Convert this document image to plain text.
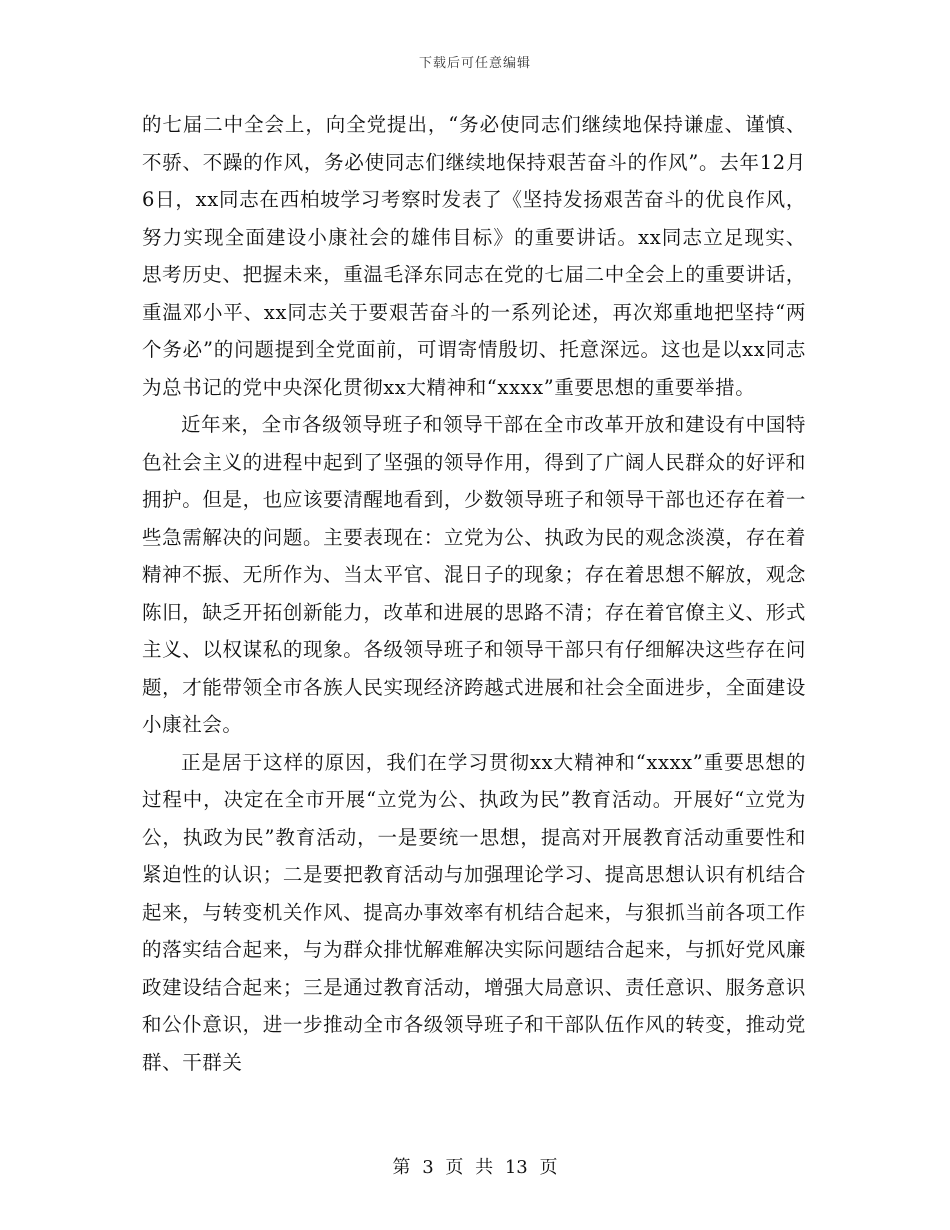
下载后可任意编辑

的七届二中全会上，向全党提出，“务必使同志们继续地保持谦虚、谨慎、不骄、不躁的作风，务必使同志们继续地保持艰苦奋斗的作风”。去年12月6日，xx同志在西柏坡学习考察时发表了《坚持发扬艰苦奋斗的优良作风，努力实现全面建设小康社会的雄伟目标》的重要讲话。xx同志立足现实、思考历史、把握未来，重温毛泽东同志在党的七届二中全会上的重要讲话，重温邓小平、xx同志关于要艰苦奋斗的一系列论述，再次郑重地把坚持“两个务必”的问题提到全党面前，可谓寄情殷切、托意深远。这也是以xx同志为总书记的党中央深化贯彻xx大精神和“xxxx”重要思想的重要举措。

近年来，全市各级领导班子和领导干部在全市改革开放和建设有中国特色社会主义的进程中起到了坚强的领导作用，得到了广阔人民群众的好评和拥护。但是，也应该要清醒地看到，少数领导班子和领导干部也还存在着一些急需解决的问题。主要表现在：立党为公、执政为民的观念淡漠，存在着精神不振、无所作为、当太平官、混日子的现象；存在着思想不解放，观念陈旧，缺乏开拓创新能力，改革和进展的思路不清；存在着官僚主义、形式主义、以权谋私的现象。各级领导班子和领导干部只有仔细解决这些存在问题，才能带领全市各族人民实现经济跨越式进展和社会全面进步，全面建设小康社会。

正是居于这样的原因，我们在学习贯彻xx大精神和“xxxx”重要思想的过程中，决定在全市开展“立党为公、执政为民”教育活动。开展好“立党为公，执政为民”教育活动，一是要统一思想，提高对开展教育活动重要性和紧迫性的认识；二是要把教育活动与加强理论学习、提高思想认识有机结合起来，与转变机关作风、提高办事效率有机结合起来，与狠抓当前各项工作的落实结合起来，与为群众排忧解难解决实际问题结合起来，与抓好党风廉政建设结合起来；三是通过教育活动，增强大局意识、责任意识、服务意识和公仆意识，进一步推动全市各级领导班子和干部队伍作风的转变，推动党群、干群关

第 3 页 共 13 页
